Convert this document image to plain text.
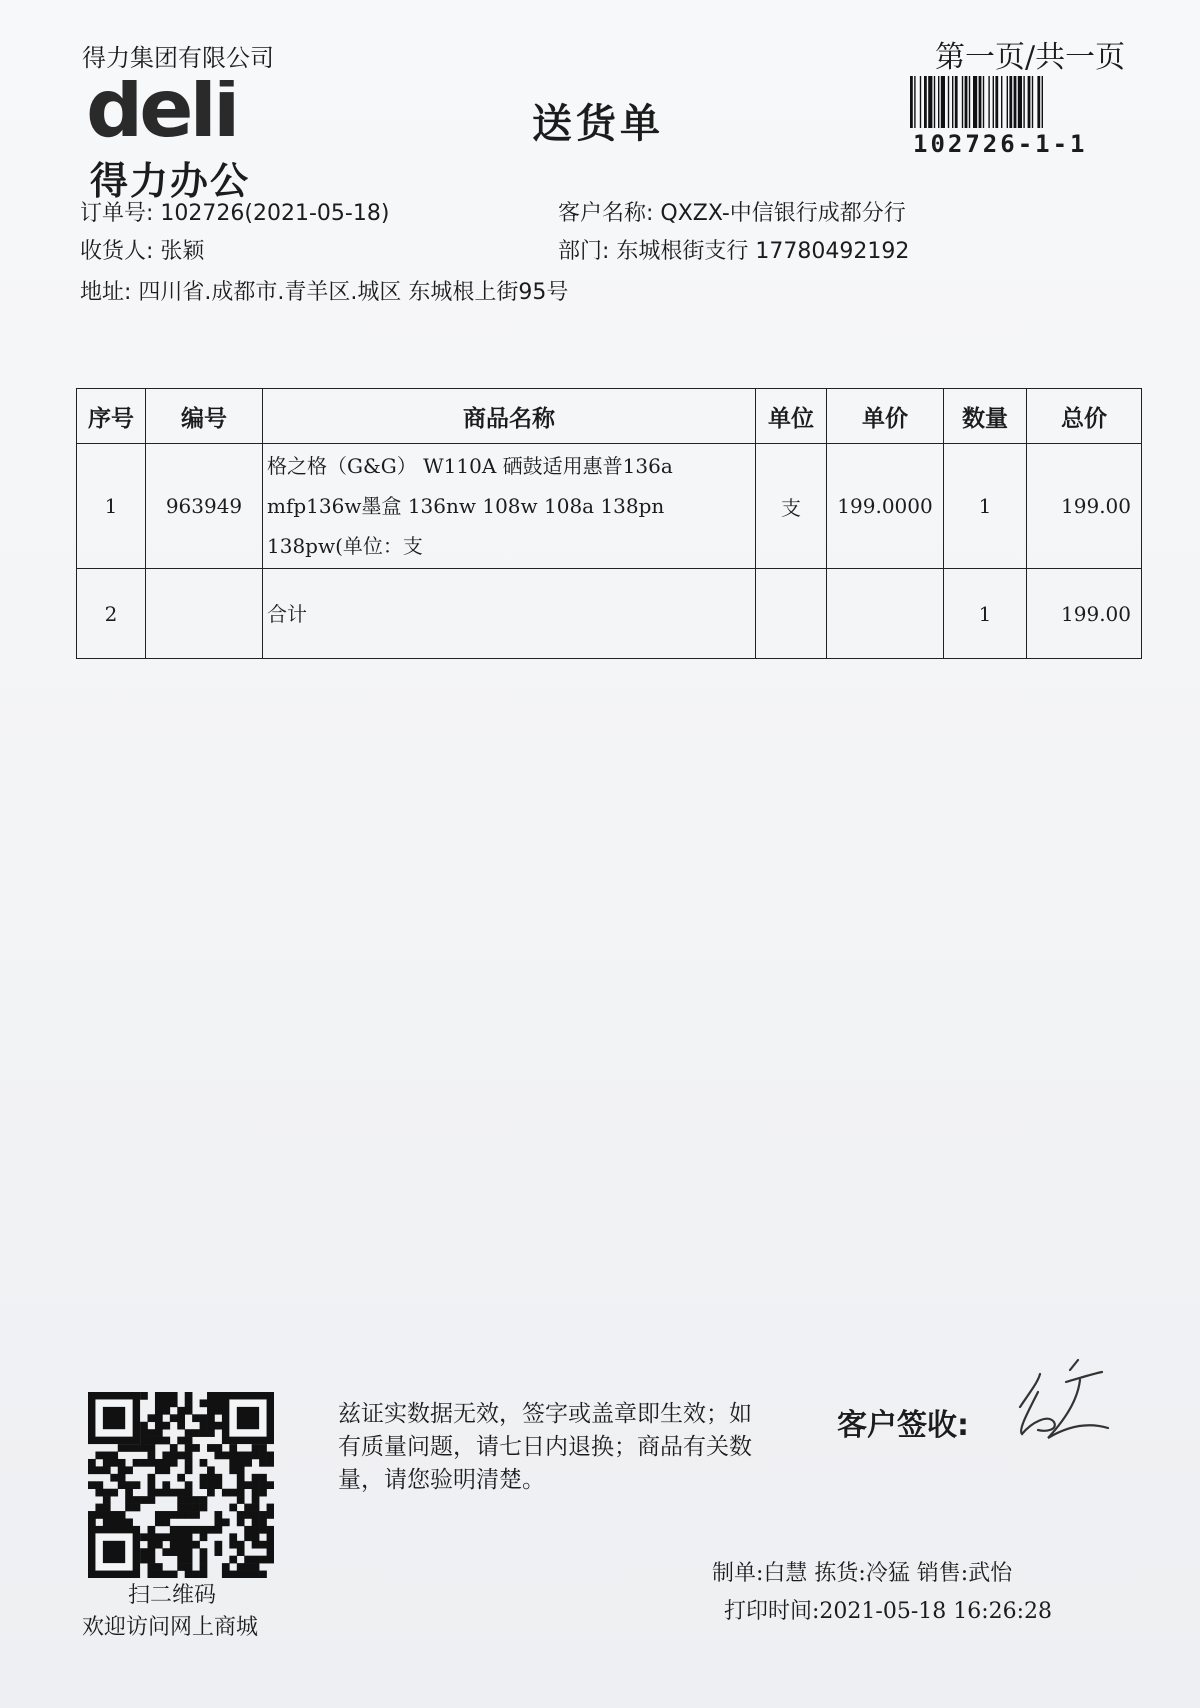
得力集团有限公司
deli
得力办公
送货单
第一页/共一页
102726-1-1
订单号: 102726(2021-05-18)	客户名称: QXZX-中信银行成都分行
收货人: 张颖	部门: 东城根街支行 17780492192
地址: 四川省.成都市.青羊区.城区 东城根上街95号
序号	编号	商品名称	单位	单价	数量	总价
1	963949	格之格（G&G） W110A 硒鼓适用惠普136a mfp136w墨盒 136nw 108w 108a 138pn 138pw(单位：支	支	199.0000	1	199.00
2		合计			1	199.00
扫二维码
欢迎访问网上商城
兹证实数据无效，签字或盖章即生效；如有质量问题，请七日内退换；商品有关数量，请您验明清楚。
客户签收:
制单:白慧 拣货:冷猛 销售:武怡
打印时间:2021-05-18 16:26:28
